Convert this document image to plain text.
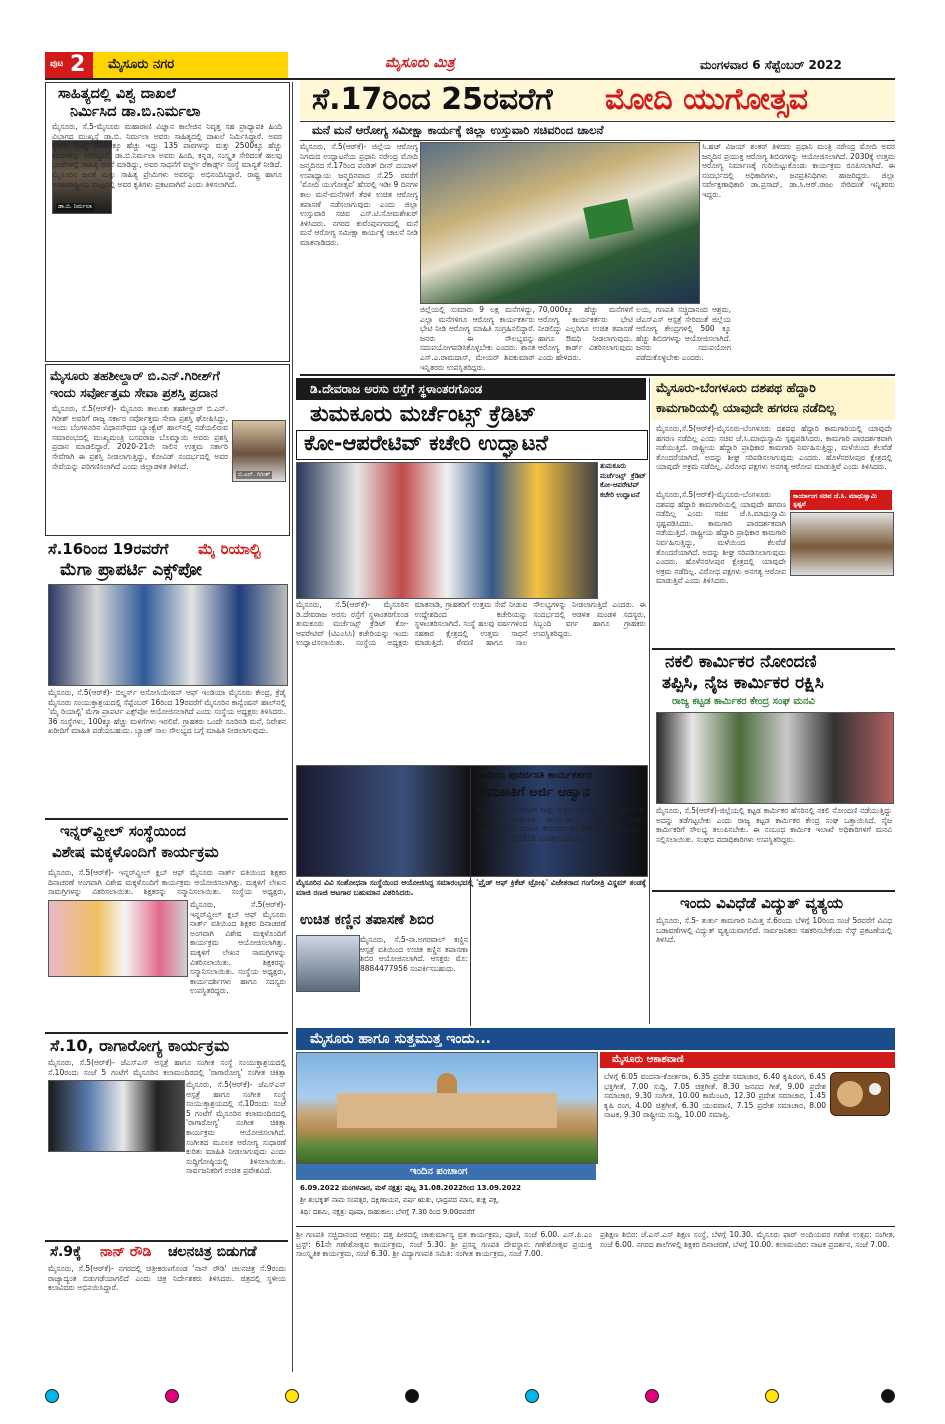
ಪುಟ 2 ಮೈಸೂರು ನಗರ	ಮೈಸೂರು ಮಿತ್ರ	ಮಂಗಳವಾರ 6 ಸೆಪ್ಟೆಂಬರ್ 2022
ಸೆ.17ರಿಂದ 25ರವರೆಗೆ ಮೋದಿ ಯುಗೋತ್ಸವ
ಮನೆ ಮನೆ ಆರೋಗ್ಯ ಸಮೀಕ್ಷಾ ಕಾರ್ಯಕ್ಕೆ ಜಿಲ್ಲಾ ಉಸ್ತುವಾರಿ ಸಚಿವರಿಂದ ಚಾಲನೆ
ಮೈಸೂರು, ಸೆ.5(ಆರ್‌ಕೆ)- ಜಿಲ್ಲೆಯ ಆರೋಗ್ಯ ನಿಗಮದ ಉದ್ಘಾಟನೆಯ ಪ್ರಧಾನಿ ನರೇಂದ್ರ ಮೋದಿ ಜನ್ಮದಿನದ ಸೆ.17ರಿಂದ ಪಂಡಿತ್ ದೀನ್ ದಯಾಳ್ ಉಪಾಧ್ಯಾಯ ಜನ್ಮದಿನವಾದ ಸೆ.25 ರವರೆಗೆ 'ಮೋದಿ ಯುಗೋತ್ಸವ' ಹೆಸರಲ್ಲಿ ಇಡೀ 9 ದಿನಗಳ ಕಾಲ ಮನೆ-ಮನೆಗಳಿಗೆ ತೆರಳಿ ಉಚಿತ ಆರೋಗ್ಯ ತಪಾಸಣೆ ನಡೆಸಲಾಗುವುದು ಎಂದು ಜಿಲ್ಲಾ ಉಸ್ತುವಾರಿ ಸಚಿವ ಎಸ್.ಟಿ.ಸೋಮಶೇಖರ್ ತಿಳಿಸಿದರು. ನಗರದ ಕುವೆಂಪುನಗರದಲ್ಲಿ ಮನೆ ಮನೆ ಆರೋಗ್ಯ ಸಮೀಕ್ಷಾ ಕಾರ್ಯಕ್ಕೆ ಚಾಲನೆ ನೀಡಿ ಮಾತನಾಡಿದರು.
ಜಿಲ್ಲೆಯಲ್ಲಿ ಸುಮಾರು 9 ಲಕ್ಷ ಮನೆಗಳಿದ್ದು, ಎಲ್ಲಾ ಮನೆಗಳಿಗೂ ಆರೋಗ್ಯ ಕಾರ್ಯಕರ್ತರು ಭೇಟಿ ನೀಡಿ ಆರೋಗ್ಯ ಮಾಹಿತಿ ಸಂಗ್ರಹಿಸಲಿದ್ದಾರೆ. ಜನರು ಈ ಸೌಲಭ್ಯವನ್ನು ಸದುಪಯೋಗಪಡಿಸಿಕೊಳ್ಳಬೇಕು ಎಂದರು. ಶಾಸಕ ಎಸ್.ಎ.ರಾಮದಾಸ್, ಮೇಯರ್ ಶಿವಕುಮಾರ್ ಇನ್ನಿತರರು ಉಪಸ್ಥಿತರಿದ್ದರು.
70,000ಕ್ಕೂ ಹೆಚ್ಚು ಮನೆಗಳಿಗೆ ಆರೋಗ್ಯ ಕಾರ್ಯಕರ್ತರು ಭೇಟಿ ನೀಡಲಿದ್ದು ಎಲ್ಲರಿಗೂ ಉಚಿತ ತಪಾಸಣೆ ಹಾಗೂ ಔಷಧಿ ನೀಡಲಾಗುವುದು. ಆರೋಗ್ಯ ಕಾರ್ಡ್ ವಿತರಿಸಲಾಗುವುದು ಎಂದು ಹೇಳಿದರು.
ಲಯ, ಗಣಪತಿ ಸಚ್ಚಿದಾನಂದ ಆಶ್ರಮ, ಜೆಎಸ್‌ಎಸ್ ಆಸ್ಪತ್ರೆ ಸೇರಿದಂತೆ ಜಿಲ್ಲೆಯ ಆರೋಗ್ಯ ಕೇಂದ್ರಗಳಲ್ಲಿ 500 ಕ್ಕೂ ಹೆಚ್ಚು ಶಿಬಿರಗಳನ್ನು ಆಯೋಜಿಸಲಾಗಿದೆ. ಜನರು ಸದುಪಯೋಗ ಪಡೆದುಕೊಳ್ಳಬೇಕು ಎಂದರು.
ಸಿ.ಹಚ್ ವಿಜಯ್ ಶಂಕರ್ ತಿಳಿದರು ಪ್ರಧಾನಿ ಮಂತ್ರಿ ನರೇಂದ್ರ ಮೋದಿ ಅವರ ಜನ್ಮದಿನ ಪ್ರಯುಕ್ತ ಆರೋಗ್ಯ ಶಿಬಿರಗಳನ್ನು ಆಯೋಜಿಸಲಾಗಿದೆ. 2030ಕ್ಕೆ ಉತ್ತಮ ಆರೋಗ್ಯ ನಿರ್ಮಾಣಕ್ಕೆ ಗುರಿಯಿಟ್ಟುಕೊಂಡು ಕಾರ್ಯಕ್ರಮ ರೂಪಿಸಲಾಗಿದೆ. ಈ ಸಂದರ್ಭದಲ್ಲಿ ಅಧಿಕಾರಿಗಳು, ಜನಪ್ರತಿನಿಧಿಗಳು ಹಾಜರಿದ್ದರು. ಜಿಲ್ಲಾ ಸರ್ವೇಕ್ಷಣಾಧಿಕಾರಿ ಡಾ.ಪ್ರಸಾದ್, ಡಾ.ಸಿ.ಆರ್.ರಾಜು ಸೇರಿದಂತೆ ಇನ್ನಿತರರು ಇದ್ದರು.
ಸಾಹಿತ್ಯದಲ್ಲಿ ವಿಶ್ವ ದಾಖಲೆ
ನಿರ್ಮಿಸಿದ ಡಾ.ಬಿ.ನಿರ್ಮಲಾ
ಡಾ.ಬಿ. ನಿರ್ಮಲಾ
ಮೈಸೂರು, ಸೆ.5-ಮೈಸೂರು ಮಹಾರಾಣಿ ವಿಜ್ಞಾನ ಕಾಲೇಜಿನ ನಿವೃತ್ತ ಸಹ ಪ್ರಾಧ್ಯಾಪಕಿ ಹಿಂದಿ ವಿಭಾಗದ ಮುಖ್ಯಸ್ಥೆ ಡಾ.ಬಿ. ನಿರ್ಮಲಾ ಅವರು ಸಾಹಿತ್ಯದಲ್ಲಿ ದಾಖಲೆ ನಿರ್ಮಿಸಿದ್ದಾರೆ. ಅವರ ಕೃತಿಗಳ ಸಂಖ್ಯೆ 1200ಕ್ಕೂ ಹೆಚ್ಚು ಇದ್ದು 135 ಪಾಠಗಳನ್ನು ಮತ್ತು 2500ಕ್ಕೂ ಹೆಚ್ಚು ಕವನಗಳನ್ನು ರಚಿಸಿದ್ದಾರೆ. ಡಾ.ಬಿ.ನಿರ್ಮಲಾ ಅವರು ಹಿಂದಿ, ಕನ್ನಡ, ಸಂಸ್ಕೃತ ಸೇರಿದಂತೆ ಹಲವು ಭಾಷೆಗಳಲ್ಲಿ ಸಾಹಿತ್ಯ ರಚನೆ ಮಾಡಿದ್ದು, ಅವರ ಸಾಧನೆಗೆ ವರ್ಲ್ಡ್ ರೆಕಾರ್ಡ್ಸ್ ಸಂಸ್ಥೆ ಮಾನ್ಯತೆ ನೀಡಿದೆ. ಮೈಸೂರಿನ ಜನತೆ ಮತ್ತು ಸಾಹಿತ್ಯ ಪ್ರೇಮಿಗಳು ಅವರನ್ನು ಅಭಿನಂದಿಸಿದ್ದಾರೆ. ರಾಷ್ಟ್ರ ಹಾಗೂ ಅಂತಾರಾಷ್ಟ್ರೀಯ ಮಟ್ಟದಲ್ಲಿ ಅವರ ಕೃತಿಗಳು ಪ್ರಕಟವಾಗಿವೆ ಎಂದು ತಿಳಿಸಲಾಗಿದೆ.
ಮೈಸೂರು ತಹಶೀಲ್ದಾರ್ ಬಿ.ಎನ್.ಗಿರೀಶ್‌ಗೆ
ಇಂದು ಸರ್ವೋತ್ತಮ ಸೇವಾ ಪ್ರಶಸ್ತಿ ಪ್ರದಾನ
ಬಿ.ಎನ್. ಗಿರೀಶ್
ಮೈಸೂರು, ಸೆ.5(ಆರ್‌ಕೆ)- ಮೈಸೂರು ತಾಲೂಕು ತಹಶೀಲ್ದಾರ್ ಬಿ.ಎನ್. ಗಿರೀಶ್ ಅವರಿಗೆ ರಾಜ್ಯ ಸರ್ಕಾರ ಸರ್ವೋತ್ತಮ ಸೇವಾ ಪ್ರಶಸ್ತಿ ಘೋಷಿಸಿದ್ದು, ಇಂದು ಬೆಂಗಳೂರಿನ ವಿಧಾನಸೌಧದ ಬ್ಯಾಂಕ್ವೆಟ್ ಹಾಲ್‌ನಲ್ಲಿ ನಡೆಯಲಿರುವ ಸಮಾರಂಭದಲ್ಲಿ ಮುಖ್ಯಮಂತ್ರಿ ಬಸವರಾಜ ಬೊಮ್ಮಾಯಿ ಅವರು ಪ್ರಶಸ್ತಿ ಪ್ರದಾನ ಮಾಡಲಿದ್ದಾರೆ. 2020-21ನೇ ಸಾಲಿನ ಉತ್ತಮ ಸರ್ಕಾರಿ ಸೇವೆಗಾಗಿ ಈ ಪ್ರಶಸ್ತಿ ನೀಡಲಾಗುತ್ತಿದ್ದು, ಕೋವಿಡ್ ಸಂದರ್ಭದಲ್ಲಿ ಅವರ ಸೇವೆಯನ್ನು ಪರಿಗಣಿಸಲಾಗಿದೆ ಎಂದು ಜಿಲ್ಲಾಡಳಿತ ತಿಳಿಸಿದೆ.
ಸೆ.16ರಿಂದ 19ರವರೆಗೆ ಮೈ ರಿಯಾಲ್ಟಿ
ಮೆಗಾ ಪ್ರಾಪರ್ಟಿ ಎಕ್ಸ್‌ಪೋ
ಮೈಸೂರು, ಸೆ.5(ಆರ್‌ಕೆ)- ಬಿಲ್ಡರ್ಸ್ ಅಸೋಸಿಯೇಷನ್ ಆಫ್ ಇಂಡಿಯಾ ಮೈಸೂರು ಕೇಂದ್ರ, ಕ್ರೆಡೈ ಮೈಸೂರು ಸಂಯುಕ್ತಾಶ್ರಯದಲ್ಲಿ ಸೆಪ್ಟೆಂಬರ್ 16ರಿಂದ 19ರವರೆಗೆ ಮೈಸೂರಿನ ಕಾನ್ವೆಂಷನ್ ಹಾಲ್‌ನಲ್ಲಿ 'ಮೈ ರಿಯಾಲ್ಟಿ' ಮೆಗಾ ಪ್ರಾಪರ್ಟಿ ಎಕ್ಸ್‌ಪೋ ಆಯೋಜಿಸಲಾಗಿದೆ ಎಂದು ಸಂಸ್ಥೆಯ ಅಧ್ಯಕ್ಷರು ತಿಳಿಸಿದರು. 36 ಸಂಸ್ಥೆಗಳು, 100ಕ್ಕೂ ಹೆಚ್ಚು ಮಳಿಗೆಗಳು ಇರಲಿವೆ. ಗ್ರಾಹಕರು ಒಂದೇ ಸೂರಿನಡಿ ಮನೆ, ನಿವೇಶನ ಖರೀದಿಗೆ ಮಾಹಿತಿ ಪಡೆಯಬಹುದು. ಬ್ಯಾಂಕ್ ಸಾಲ ಸೌಲಭ್ಯದ ಬಗ್ಗೆ ಮಾಹಿತಿ ನೀಡಲಾಗುವುದು.
ಇನ್ನರ್‌ವ್ಹೀಲ್ ಸಂಸ್ಥೆಯಿಂದ
ವಿಶೇಷ ಮಕ್ಕಳೊಂದಿಗೆ ಕಾರ್ಯಕ್ರಮ
ಮೈಸೂರು, ಸೆ.5(ಆರ್‌ಕೆ)- ಇನ್ನರ್‌ವ್ಹೀಲ್ ಕ್ಲಬ್ ಆಫ್ ಮೈಸೂರು ನಾರ್ತ್ ವತಿಯಿಂದ ಶಿಕ್ಷಕರ ದಿನಾಚರಣೆ ಅಂಗವಾಗಿ ವಿಶೇಷ ಮಕ್ಕಳೊಂದಿಗೆ ಕಾರ್ಯಕ್ರಮ ಆಯೋಜಿಸಲಾಗಿತ್ತು. ಮಕ್ಕಳಿಗೆ ಲೇಖನ ಸಾಮಗ್ರಿಗಳನ್ನು ವಿತರಿಸಲಾಯಿತು. ಶಿಕ್ಷಕರನ್ನು ಸನ್ಮಾನಿಸಲಾಯಿತು. ಸಂಸ್ಥೆಯ ಅಧ್ಯಕ್ಷರು,
ಮೈಸೂರು, ಸೆ.5(ಆರ್‌ಕೆ)- ಇನ್ನರ್‌ವ್ಹೀಲ್ ಕ್ಲಬ್ ಆಫ್ ಮೈಸೂರು ನಾರ್ತ್ ವತಿಯಿಂದ ಶಿಕ್ಷಕರ ದಿನಾಚರಣೆ ಅಂಗವಾಗಿ ವಿಶೇಷ ಮಕ್ಕಳೊಂದಿಗೆ ಕಾರ್ಯಕ್ರಮ ಆಯೋಜಿಸಲಾಗಿತ್ತು. ಮಕ್ಕಳಿಗೆ ಲೇಖನ ಸಾಮಗ್ರಿಗಳನ್ನು ವಿತರಿಸಲಾಯಿತು. ಶಿಕ್ಷಕರನ್ನು ಸನ್ಮಾನಿಸಲಾಯಿತು. ಸಂಸ್ಥೆಯ ಅಧ್ಯಕ್ಷರು, ಕಾರ್ಯದರ್ಶಿಗಳು ಹಾಗೂ ಸದಸ್ಯರು ಉಪಸ್ಥಿತರಿದ್ದರು.
ಸೆ.10, ರಾಗಾರೋಗ್ಯ ಕಾರ್ಯಕ್ರಮ
ಮೈಸೂರು, ಸೆ.5(ಆರ್‌ಕೆ)- ಜೆಎಸ್‌ಎಸ್ ಆಸ್ಪತ್ರೆ ಹಾಗೂ ಸಂಗೀತ ಸಂಸ್ಥೆ ಸಂಯುಕ್ತಾಶ್ರಯದಲ್ಲಿ ಸೆ.10ರಂದು ಸಂಜೆ 5 ಗಂಟೆಗೆ ಮೈಸೂರಿನ ಕಲಾಮಂದಿರದಲ್ಲಿ 'ರಾಗಾರೋಗ್ಯ' ಸಂಗೀತ ಚಿಕಿತ್ಸಾ
ಮೈಸೂರು, ಸೆ.5(ಆರ್‌ಕೆ)- ಜೆಎಸ್‌ಎಸ್ ಆಸ್ಪತ್ರೆ ಹಾಗೂ ಸಂಗೀತ ಸಂಸ್ಥೆ ಸಂಯುಕ್ತಾಶ್ರಯದಲ್ಲಿ ಸೆ.10ರಂದು ಸಂಜೆ 5 ಗಂಟೆಗೆ ಮೈಸೂರಿನ ಕಲಾಮಂದಿರದಲ್ಲಿ 'ರಾಗಾರೋಗ್ಯ' ಸಂಗೀತ ಚಿಕಿತ್ಸಾ ಕಾರ್ಯಕ್ರಮ ಆಯೋಜಿಸಲಾಗಿದೆ. ಸಂಗೀತದ ಮೂಲಕ ಆರೋಗ್ಯ ಸುಧಾರಣೆ ಕುರಿತು ಮಾಹಿತಿ ನೀಡಲಾಗುವುದು ಎಂದು ಸುದ್ದಿಗೋಷ್ಠಿಯಲ್ಲಿ ತಿಳಿಸಲಾಯಿತು. ಸಾರ್ವಜನಿಕರಿಗೆ ಉಚಿತ ಪ್ರವೇಶವಿದೆ.
ಸೆ.9ಕ್ಕೆ ನಾನ್ ರೌಡಿ ಚಲನಚಿತ್ರ ಬಿಡುಗಡೆ
ಮೈಸೂರು, ಸೆ.5(ಆರ್‌ಕೆ)- ನಗರದಲ್ಲಿ ಚಿತ್ರೀಕರಣಗೊಂಡ 'ನಾನ್ ರೌಡಿ' ಚಲನಚಿತ್ರ ಸೆ.9ರಂದು ರಾಜ್ಯಾದ್ಯಂತ ಬಿಡುಗಡೆಯಾಗಲಿದೆ ಎಂದು ಚಿತ್ರ ನಿರ್ದೇಶಕರು ತಿಳಿಸಿದರು. ಚಿತ್ರದಲ್ಲಿ ಸ್ಥಳೀಯ ಕಲಾವಿದರು ಅಭಿನಯಿಸಿದ್ದಾರೆ.
ಡಿ.ದೇವರಾಜ ಅರಸು ರಸ್ತೆಗೆ ಸ್ಥಳಾಂತರಗೊಂಡ
ತುಮಕೂರು ಮರ್ಚೆಂಟ್ಸ್ ಕ್ರೆಡಿಟ್
ಕೋ-ಆಪರೇಟಿವ್ ಕಚೇರಿ ಉದ್ಘಾಟನೆ
ತುಮಕೂರು ಮರ್ಚೆಂಟ್ಸ್ ಕ್ರೆಡಿಟ್ ಕೋ-ಆಪರೇಟಿವ್ ಕಚೇರಿ ಉದ್ಘಾಟನೆ
ಮೈಸೂರು, ಸೆ.5(ಆರ್‌ಕೆ)- ಮೈಸೂರಿನ ಡಿ.ದೇವರಾಜ ಅರಸು ರಸ್ತೆಗೆ ಸ್ಥಳಾಂತರಗೊಂಡ ತುಮಕೂರು ಮರ್ಚೆಂಟ್ಸ್ ಕ್ರೆಡಿಟ್ ಕೋ-ಆಪರೇಟಿವ್ (ಟಿಎಂಸಿಸಿ) ಕಚೇರಿಯನ್ನು ಇಂದು ಉದ್ಘಾಟಿಸಲಾಯಿತು. ಸಂಸ್ಥೆಯ ಅಧ್ಯಕ್ಷರು ಮಾತನಾಡಿ, ಗ್ರಾಹಕರಿಗೆ ಉತ್ತಮ ಸೇವೆ ನೀಡುವ ಉದ್ದೇಶದಿಂದ ಕಚೇರಿಯನ್ನು ಸ್ಥಳಾಂತರಿಸಲಾಗಿದೆ. ಸಂಸ್ಥೆ ಹಲವು ವರ್ಷಗಳಿಂದ ಸಹಕಾರ ಕ್ಷೇತ್ರದಲ್ಲಿ ಉತ್ತಮ ಸಾಧನೆ ಮಾಡುತ್ತಿದೆ. ಠೇವಣಿ ಹಾಗೂ ಸಾಲ ಸೌಲಭ್ಯಗಳನ್ನು ನೀಡಲಾಗುತ್ತಿದೆ ಎಂದರು. ಈ ಸಂದರ್ಭದಲ್ಲಿ ಆಡಳಿತ ಮಂಡಳಿ ಸದಸ್ಯರು, ಸಿಬ್ಬಂದಿ ವರ್ಗ ಹಾಗೂ ಗ್ರಾಹಕರು ಉಪಸ್ಥಿತರಿದ್ದರು.
ಮೈಸೂರಿನ ವಿವಿ ಸಂಶೋಧನಾ ಸಂಸ್ಥೆಯಿಂದ ಆಯೋಜಿಸಿದ್ದ ಸಮಾರಂಭದಲ್ಲಿ 'ಪ್ರೈಡ್ ಆಫ್ ಕ್ರಿಕೆಟ್ ಟ್ರೋಫಿ' ವಿಜೇತರಾದ ಗಂಗೋತ್ರಿ ವಿಸ್ಡಮ್ ತಂಡಕ್ಕೆ ಮಾಜಿ ರಣಜಿ ಆಟಗಾರ ಬಹುಮಾನ ವಿತರಿಸಿದರು.
ಉಚಿತ ಕಣ್ಣಿನ ತಪಾಸಣೆ ಶಿಬಿರ
ಮೈಸೂರು, ಸೆ.5-ನಾ.ಅಗರವಾಲ್ ಕಣ್ಣಿನ ಆಸ್ಪತ್ರೆ ವತಿಯಿಂದ ಉಚಿತ ಕಣ್ಣಿನ ತಪಾಸಣಾ ಶಿಬಿರ ಆಯೋಜಿಸಲಾಗಿದೆ. ಆಸಕ್ತರು ಮೊ: 8884477956 ಸಂಪರ್ಕಿಸಬಹುದು.
ಗ್ರಾಮೀಣ ಪುನರ್ವಸತಿ ಕಾರ್ಯಕರ್ತರ
ನೇಮಕಾತಿಗೆ ಅರ್ಜಿ ಆಹ್ವಾನ
ಮೈಸೂರು, ಸೆ.5-ಮಹಿಳಾ ಮತ್ತು ಮಕ್ಕಳ ಅಭಿವೃದ್ಧಿ ಇಲಾಖೆ ವತಿಯಿಂದ ಗ್ರಾಮೀಣ ಪುನರ್ವಸತಿ ಕಾರ್ಯಕರ್ತರ ನೇಮಕಾತಿಗೆ ಅರ್ಜಿ ಆಹ್ವಾನಿಸಲಾಗಿದೆ. ಮಾಸಿಕ ಗೌರವಧನ ರೂ.6000 ನೀಡಲಾಗುವುದು. ಆಸಕ್ತರು ದೂ: 83829 ಸಂಪರ್ಕಿಸಬಹುದು.
ಮೈಸೂರು-ಬೆಂಗಳೂರು ದಶಪಥ ಹೆದ್ದಾರಿ
ಕಾಮಗಾರಿಯಲ್ಲಿ ಯಾವುದೇ ಹಗರಣ ನಡೆದಿಲ್ಲ
ಕಾರ್ಯಾಂಗ ಸಚಿವ ಜೆ.ಸಿ. ಮಾಧುಸ್ವಾಮಿ ಸ್ಪಷ್ಟನೆ
ಮೈಸೂರು,ಸೆ.5(ಆರ್‌ಕೆ)-ಮೈಸೂರು-ಬೆಂಗಳೂರು ದಶಪಥ ಹೆದ್ದಾರಿ ಕಾಮಗಾರಿಯಲ್ಲಿ ಯಾವುದೇ ಹಗರಣ ನಡೆದಿಲ್ಲ ಎಂದು ಸಚಿವ ಜೆ.ಸಿ.ಮಾಧುಸ್ವಾಮಿ ಸ್ಪಷ್ಟಪಡಿಸಿದರು. ಕಾಮಗಾರಿ ಪಾರದರ್ಶಕವಾಗಿ ನಡೆಯುತ್ತಿದೆ. ರಾಷ್ಟ್ರೀಯ ಹೆದ್ದಾರಿ ಪ್ರಾಧಿಕಾರ ಕಾಮಗಾರಿ ನಿರ್ವಹಿಸುತ್ತಿದ್ದು, ಮಳೆಯಿಂದ ಕೆಲವೆಡೆ ತೊಂದರೆಯಾಗಿದೆ. ಅದನ್ನು ಶೀಘ್ರ ಸರಿಪಡಿಸಲಾಗುವುದು ಎಂದರು. ಹೊಳೆನರಸೀಪುರ ಕ್ಷೇತ್ರದಲ್ಲಿ ಯಾವುದೇ ಅಕ್ರಮ ನಡೆದಿಲ್ಲ. ವಿರೋಧ ಪಕ್ಷಗಳು ಅನಗತ್ಯ ಆರೋಪ ಮಾಡುತ್ತಿವೆ ಎಂದು ತಿಳಿಸಿದರು.
ಮೈಸೂರು,ಸೆ.5(ಆರ್‌ಕೆ)-ಮೈಸೂರು-ಬೆಂಗಳೂರು ದಶಪಥ ಹೆದ್ದಾರಿ ಕಾಮಗಾರಿಯಲ್ಲಿ ಯಾವುದೇ ಹಗರಣ ನಡೆದಿಲ್ಲ ಎಂದು ಸಚಿವ ಜೆ.ಸಿ.ಮಾಧುಸ್ವಾಮಿ ಸ್ಪಷ್ಟಪಡಿಸಿದರು. ಕಾಮಗಾರಿ ಪಾರದರ್ಶಕವಾಗಿ ನಡೆಯುತ್ತಿದೆ. ರಾಷ್ಟ್ರೀಯ ಹೆದ್ದಾರಿ ಪ್ರಾಧಿಕಾರ ಕಾಮಗಾರಿ ನಿರ್ವಹಿಸುತ್ತಿದ್ದು, ಮಳೆಯಿಂದ ಕೆಲವೆಡೆ ತೊಂದರೆಯಾಗಿದೆ. ಅದನ್ನು ಶೀಘ್ರ ಸರಿಪಡಿಸಲಾಗುವುದು ಎಂದರು. ಹೊಳೆನರಸೀಪುರ ಕ್ಷೇತ್ರದಲ್ಲಿ ಯಾವುದೇ ಅಕ್ರಮ ನಡೆದಿಲ್ಲ. ವಿರೋಧ ಪಕ್ಷಗಳು ಅನಗತ್ಯ ಆರೋಪ ಮಾಡುತ್ತಿವೆ ಎಂದು ತಿಳಿಸಿದರು.
ನಕಲಿ ಕಾರ್ಮಿಕರ ನೋಂದಣಿ
ತಪ್ಪಿಸಿ, ನೈಜ ಕಾರ್ಮಿಕರ ರಕ್ಷಿಸಿ
ರಾಜ್ಯ ಕಟ್ಟಡ ಕಾರ್ಮಿಕರ ಕೇಂದ್ರ ಸಂಘ ಮನವಿ
ಮೈಸೂರು, ಸೆ.5(ಆರ್‌ಕೆ)-ಜಿಲ್ಲೆಯಲ್ಲಿ ಕಟ್ಟಡ ಕಾರ್ಮಿಕರ ಹೆಸರಿನಲ್ಲಿ ನಕಲಿ ನೋಂದಣಿ ನಡೆಯುತ್ತಿದ್ದು ಅದನ್ನು ತಡೆಗಟ್ಟಬೇಕು ಎಂದು ರಾಜ್ಯ ಕಟ್ಟಡ ಕಾರ್ಮಿಕರ ಕೇಂದ್ರ ಸಂಘ ಒತ್ತಾಯಿಸಿದೆ. ನೈಜ ಕಾರ್ಮಿಕರಿಗೆ ಸೌಲಭ್ಯ ತಲುಪಿಸಬೇಕು. ಈ ಸಂಬಂಧ ಕಾರ್ಮಿಕ ಇಲಾಖೆ ಅಧಿಕಾರಿಗಳಿಗೆ ಮನವಿ ಸಲ್ಲಿಸಲಾಯಿತು. ಸಂಘದ ಪದಾಧಿಕಾರಿಗಳು ಉಪಸ್ಥಿತರಿದ್ದರು.
ಇಂದು ವಿವಿಧೆಡೆ ವಿದ್ಯುತ್ ವ್ಯತ್ಯಯ
ಮೈಸೂರು, ಸೆ.5- ತುರ್ತು ಕಾಮಗಾರಿ ನಿಮಿತ್ತ ಸೆ.6ರಂದು ಬೆಳಿಗ್ಗೆ 10ರಿಂದ ಸಂಜೆ 5ರವರೆಗೆ ವಿವಿಧ ಬಡಾವಣೆಗಳಲ್ಲಿ ವಿದ್ಯುತ್ ವ್ಯತ್ಯಯವಾಗಲಿದೆ. ಸಾರ್ವಜನಿಕರು ಸಹಕರಿಸಬೇಕೆಂದು ಸೆಸ್ಕ್ ಪ್ರಕಟಣೆಯಲ್ಲಿ ತಿಳಿಸಿದೆ.
ಮೈಸೂರು ಹಾಗೂ ಸುತ್ತಮುತ್ತ ಇಂದು...
ಇಂದಿನ ಪಂಚಾಂಗ
6.09.2022 ಮಂಗಳವಾರ, ಮಳೆ ನಕ್ಷತ್ರ: ಪುಬ್ಬ 31.08.2022ರಿಂದ 13.09.2022
ಶ್ರೀ ಶುಭಕೃತ್ ನಾಮ ಸಂವತ್ಸರ, ದಕ್ಷಿಣಾಯನ, ವರ್ಷ ಋತು, ಭಾದ್ರಪದ ಮಾಸ, ಶುಕ್ಲ ಪಕ್ಷ,
ತಿಥಿ: ದಶಮಿ, ನಕ್ಷತ್ರ: ಪೂಷಾ, ರಾಹುಕಾಲ: ಬೆಳಗ್ಗೆ 7.30 ರಿಂದ 9.00ರವರೆಗೆ
ಮೈಸೂರು ಆಕಾಶವಾಣಿ
ಬೆಳಗ್ಗೆ 6.05 ವಂದನಾ-ಕೋರ್ತರಾ, 6.35 ಪ್ರದೇಶ ಸಮಾಚಾರ, 6.40 ಕೃಷಿರಂಗ, 6.45 ಭಕ್ತಿಗೀತೆ, 7.00 ಸುದ್ದಿ, 7.05 ಚಿತ್ರಗೀತೆ. 8.30 ಜನಪದ ಗೀತೆ, 9.00 ಪ್ರದೇಶ ಸಮಾಚಾರ, 9.30 ಸಂಗೀತ, 10.00 ಕಾಮೆಂಟರಿ, 12.30 ಪ್ರದೇಶ ಸಮಾಚಾರ, 1.45 ಕೃಷಿ ರಂಗ, 4.00 ಚಿತ್ರಗೀತೆ, 6.30 ಯುವವಾಣಿ, 7.15 ಪ್ರದೇಶ ಸಮಾಚಾರ, 8.00 ನಾಟಕ, 9.30 ರಾಷ್ಟ್ರೀಯ ಸುದ್ದಿ, 10.00 ಸಮಾಪ್ತಿ.
ಶ್ರೀ ಗಣಪತಿ ಸಚ್ಚಿದಾನಂದ ಆಶ್ರಮ: ದತ್ತ ಪೀಠದಲ್ಲಿ ಚಾತುರ್ಮಾಸ್ಯ ವ್ರತ ಕಾರ್ಯಕ್ರಮ, ಪೂಜೆ, ಸಂಜೆ 6.00. ಎಸ್.ಪಿ.ಎಂ ಟ್ರಸ್ಟ್: 61ನೇ ಗಣೇಶೋತ್ಸವ ಕಾರ್ಯಕ್ರಮ, ಸಂಜೆ 5.30. ಶ್ರೀ ಪ್ರಸನ್ನ ಗಣಪತಿ ದೇವಸ್ಥಾನ: ಗಣೇಶೋತ್ಸವ ಪ್ರಯುಕ್ತ ಸಾಂಸ್ಕೃತಿಕ ಕಾರ್ಯಕ್ರಮ, ಸಂಜೆ 6.30. ಶ್ರೀ ವಿದ್ಯಾಗಣಪತಿ ಸಮಿತಿ: ಸಂಗೀತ ಕಾರ್ಯಕ್ರಮ, ಸಂಜೆ 7.00.
ಪ್ರಶಿಕ್ಷಣ ಶಿಬಿರ: ಜೆ.ಎಸ್.ಎಸ್ ಶಿಕ್ಷಣ ಸಂಸ್ಥೆ, ಬೆಳಗ್ಗೆ 10.30. ಮೈಸೂರು ಫಾರ್ ಅಂದಿಯವರ ಗಣೇಶ ಉತ್ಸವ: ಸಂಗೀತ, ಸಂಜೆ 6.00. ನಗರದ ಶಾಲೆಗಳಲ್ಲಿ ಶಿಕ್ಷಕರ ದಿನಾಚರಣೆ, ಬೆಳಗ್ಗೆ 10.00. ಕಲಾಮಂದಿರ: ನಾಟಕ ಪ್ರದರ್ಶನ, ಸಂಜೆ 7.00.
